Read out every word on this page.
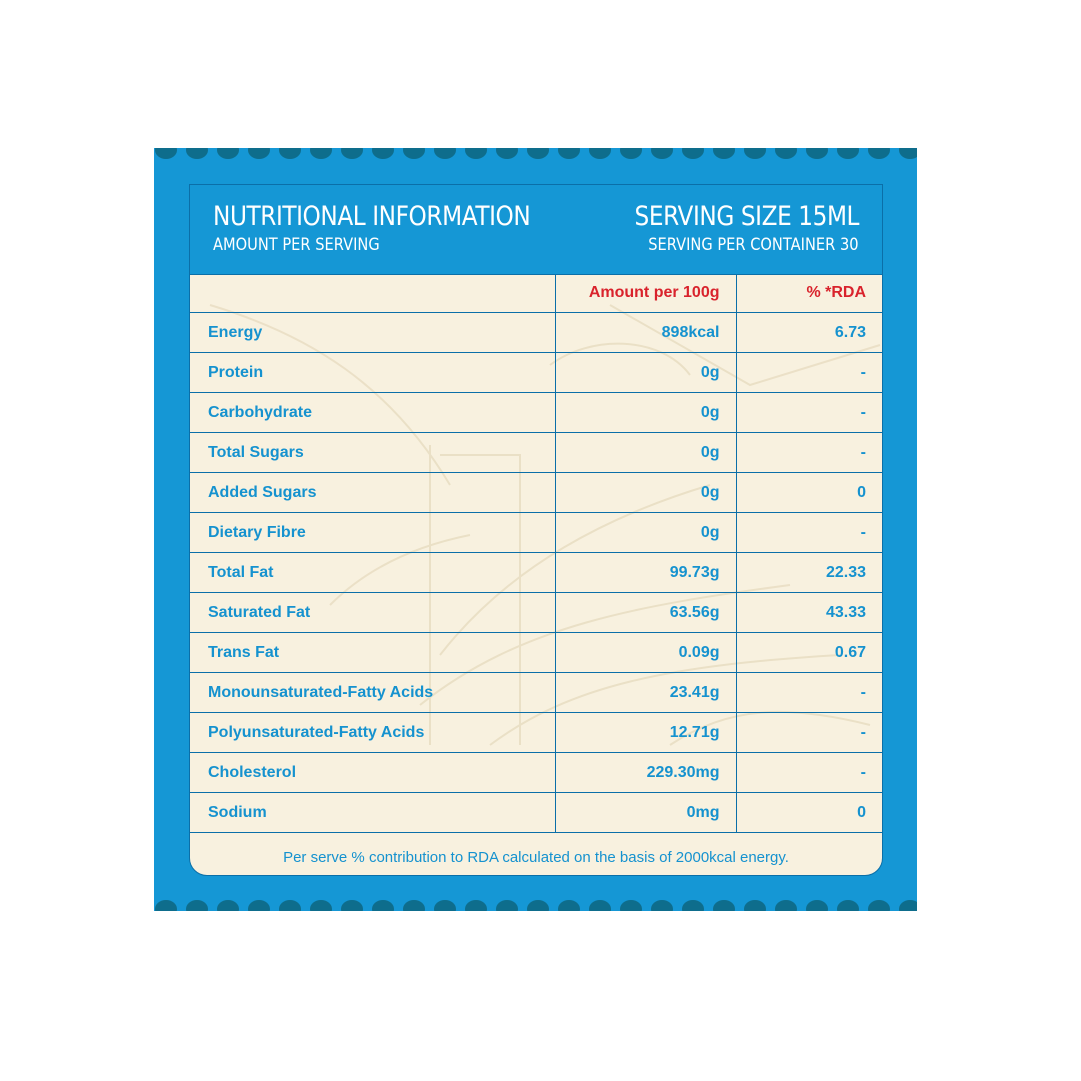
NUTRITIONAL INFORMATION
AMOUNT PER SERVING
SERVING SIZE 15ML
SERVING PER CONTAINER 30
	Amount per 100g	% *RDA
Energy	898kcal	6.73
Protein	0g	-
Carbohydrate	0g	-
Total Sugars	0g	-
Added Sugars	0g	0
Dietary Fibre	0g	-
Total Fat	99.73g	22.33
Saturated Fat	63.56g	43.33
Trans Fat	0.09g	0.67
Monounsaturated-Fatty Acids	23.41g	-
Polyunsaturated-Fatty Acids	12.71g	-
Cholesterol	229.30mg	-
Sodium	0mg	0
Per serve % contribution to RDA calculated on the basis of 2000kcal energy.
